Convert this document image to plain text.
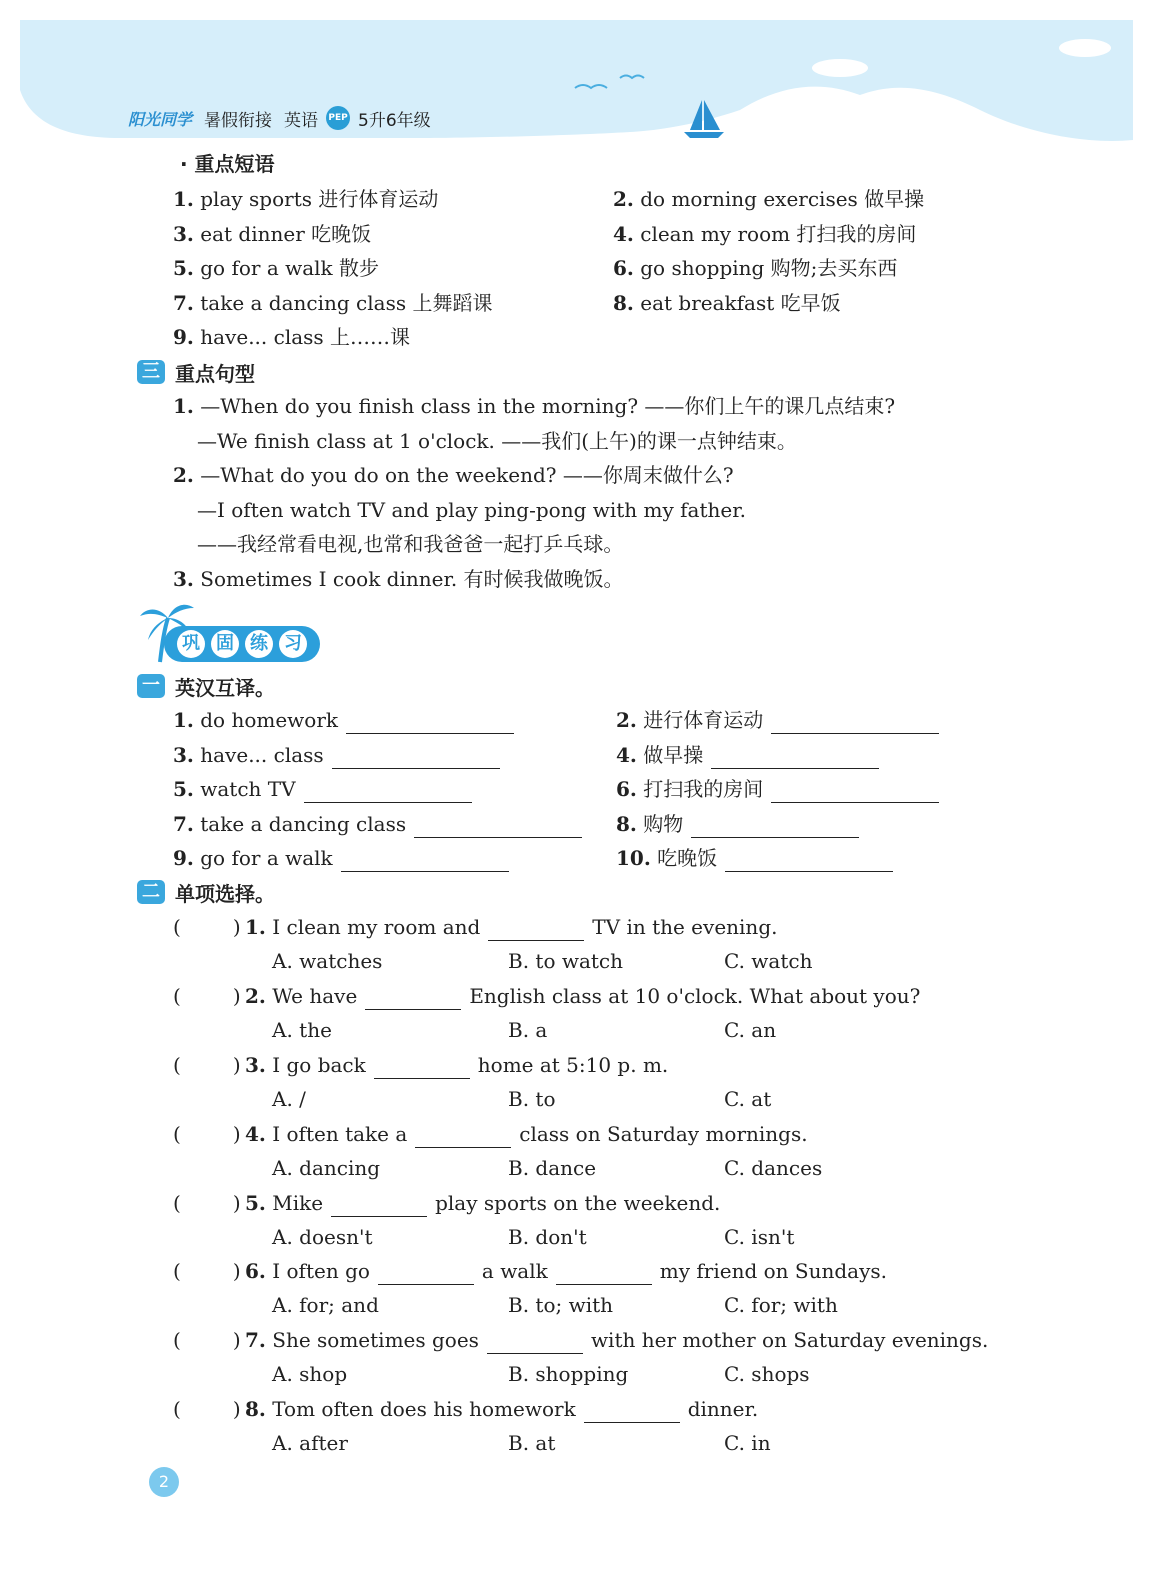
阳光同学 暑假衔接 英语 PEP 5升6年级
· 重点短语
1. play sports 进行体育运动	2. do morning exercises 做早操
3. eat dinner 吃晚饭	4. clean my room 打扫我的房间
5. go for a walk 散步	6. go shopping 购物;去买东西
7. take a dancing class 上舞蹈课	8. eat breakfast 吃早饭
9. have... class 上……课
三 重点句型
1. —When do you finish class in the morning? ——你们上午的课几点结束?
—We finish class at 1 o'clock. ——我们(上午)的课一点钟结束。
2. —What do you do on the weekend? ——你周末做什么?
—I often watch TV and play ping-pong with my father.
——我经常看电视,也常和我爸爸一起打乒乓球。
3. Sometimes I cook dinner. 有时候我做晚饭。
巩 固 练 习
一 英汉互译。
1. do homework	2. 进行体育运动
3. have... class	4. 做早操
5. watch TV	6. 打扫我的房间
7. take a dancing class	8. 购物
9. go for a walk	10. 吃晚饭
二 单项选择。
(	) 1. I clean my room and	TV in the evening.
A. watches	B. to watch	C. watch
(	) 2. We have	English class at 10 o'clock. What about you?
A. the	B. a	C. an
(	) 3. I go back	home at 5:10 p. m.
A. /	B. to	C. at
(	) 4. I often take a	class on Saturday mornings.
A. dancing	B. dance	C. dances
(	) 5. Mike	play sports on the weekend.
A. doesn't	B. don't	C. isn't
(	) 6. I often go	a walk	my friend on Sundays.
A. for; and	B. to; with	C. for; with
(	) 7. She sometimes goes	with her mother on Saturday evenings.
A. shop	B. shopping	C. shops
(	) 8. Tom often does his homework	dinner.
A. after	B. at	C. in
2
